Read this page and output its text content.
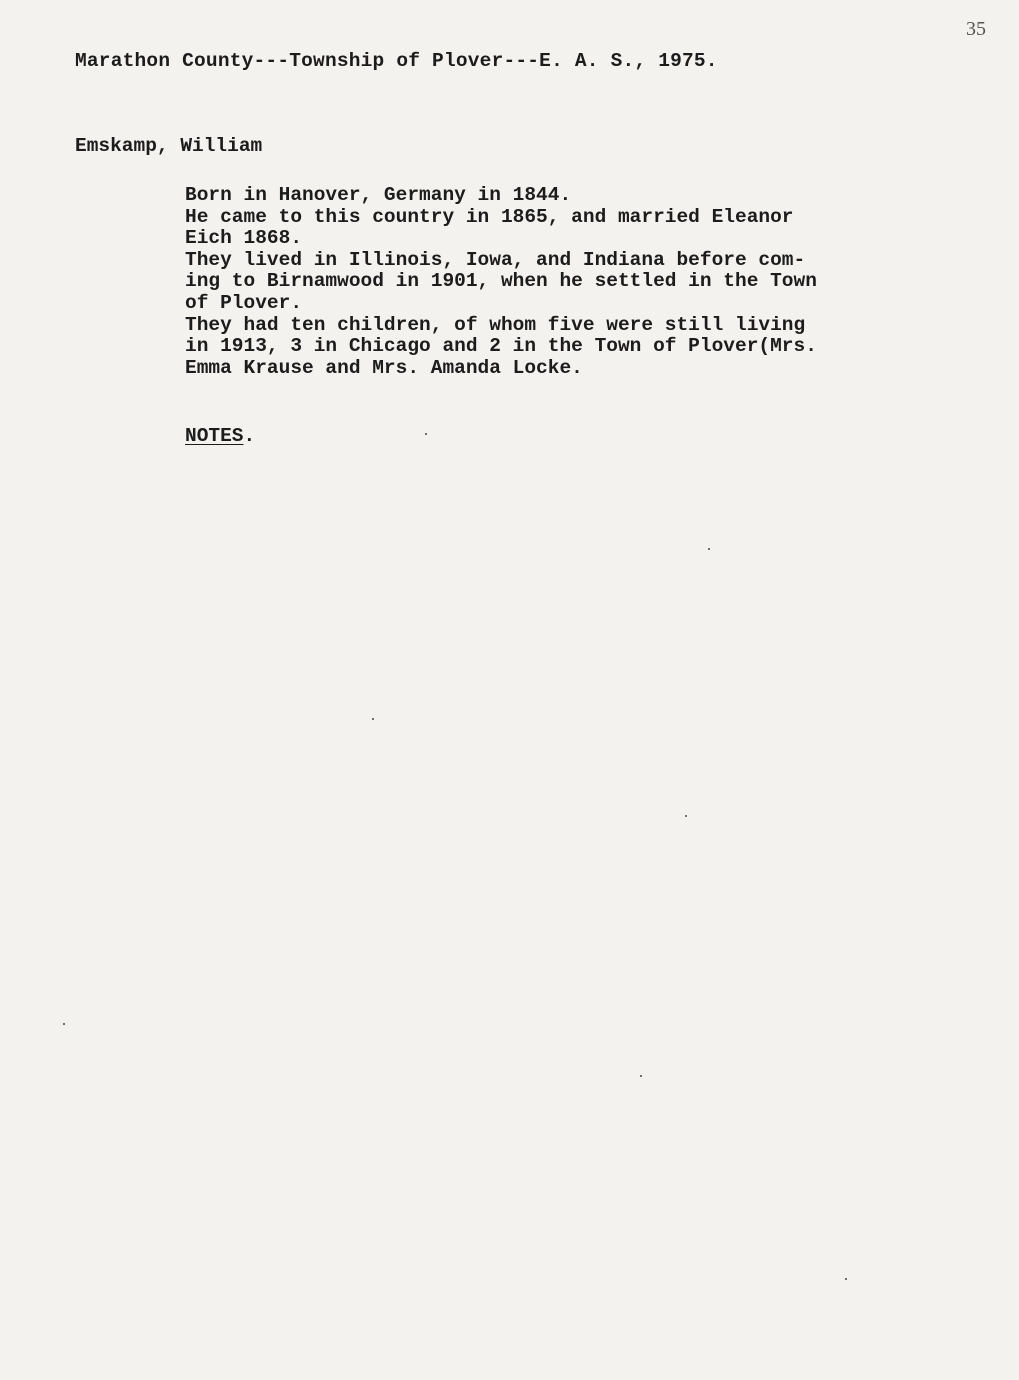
35
Marathon County---Township of Plover---E. A. S., 1975.
Emskamp, William
Born in Hanover, Germany in 1844.
He came to this country in 1865, and married Eleanor
Eich 1868.
They lived in Illinois, Iowa, and Indiana before com-
ing to Birnamwood in 1901, when he settled in the Town
of Plover.
They had ten children, of whom five were still living
in 1913, 3 in Chicago and 2 in the Town of Plover(Mrs.
Emma Krause and Mrs. Amanda Locke.
NOTES.
